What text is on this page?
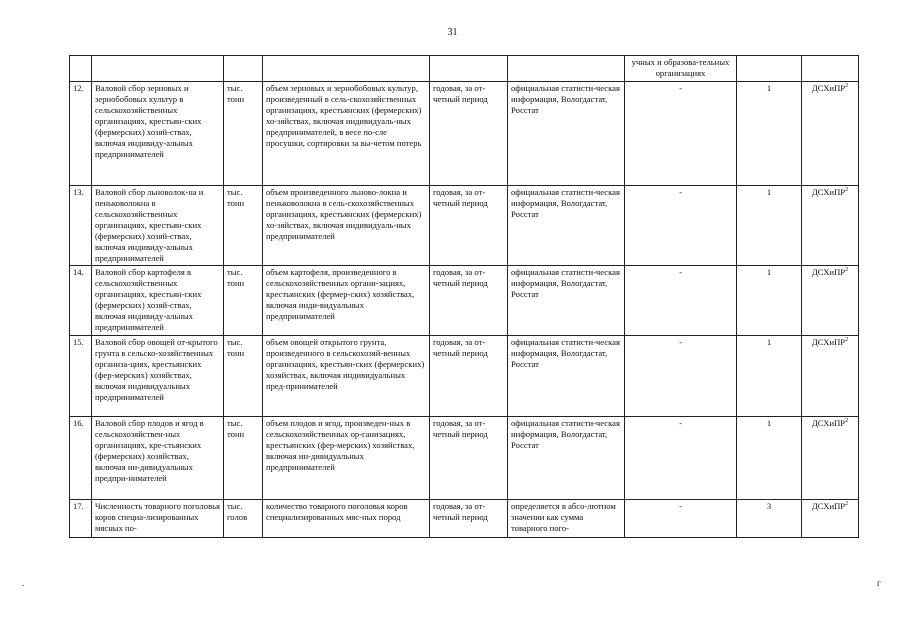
31
						учных и образова-тельных организациях		
12.	Валовой сбор зерновых и зернобобовых культур в сельскохозяйственных организациях, крестьян-ских (фермерских) хозяй-ствах, включая индивиду-альных предпринимателей	тыс. тонн	объем зерновых и зернобобовых культур, произведенный в сель-скохозяйственных организациях, крестьянских (фермерских) хо-зяйствах, включая индивидуаль-ных предпринимателей, в весе по-сле просушки, сортировки за вы-четом потерь	годовая, за от-четный период	официальная статисти-ческая информация, Вологдастат, Росстат	-	1	ДСХиПР$^2$
13.	Валовой сбор льноволок-на и пеньковолокна в сельскохозяйственных организациях, крестьян-ских (фермерских) хозяй-ствах, включая индивиду-альных предпринимателей	тыс. тонн	объем произведенного льново-локна и пеньковолокна в сель-скохозяйственных организациях, крестьянских (фермерских) хо-зяйствах, включая индивидуаль-ных предпринимателей	годовая, за от-четный период	официальная статисти-ческая информация, Вологдастат, Росстат	-	1	ДСХиПР$^2$
14.	Валовой сбор картофеля в сельскохозяйственных организациях, крестьян-ских (фермерских) хозяй-ствах, включая индивиду-альных предпринимателей	тыс. тонн	объем картофеля, произведенного в сельскохозяйственных органи-зациях, крестьянских (фермер-ских) хозяйствах, включая инди-видуальных предпринимателей	годовая, за от-четный период	официальная статисти-ческая информация, Вологдастат, Росстат	-	1	ДСХиПР$^2$
15.	Валовой сбор овощей от-крытого грунта в сельско-хозяйственных организа-циях, крестьянских (фер-мерских) хозяйствах, включая индивидуальных предпринимателей	тыс. тонн	объем овощей открытого грунта, произведенного в сельскохозяй-венных организациях, крестьян-ских (фермерских) хозяйствах, включая индивидуальных пред-принимателей	годовая, за от-четный период	официальная статисти-ческая информация, Вологдастат, Росстат	-	1	ДСХиПР$^2$
16.	Валовой сбор плодов и ягод в сельскохозяйствен-ных организациях, кре-стьянских (фермерских) хозяйствах, включая ин-дивидуальных предпри-нимателей	тыс. тонн	объем плодов и ягод, произведен-ных в сельскохозяйственных ор-ганизациях, крестьянских (фер-мерских) хозяйствах, включая ин-дивидуальных предпринимателей	годовая, за от-четный период	официальная статисти-ческая информация, Вологдастат, Росстат	-	1	ДСХиПР$^2$
17.	Численность товарного поголовья коров специа-лизированных мясных по-	тыс. голов	количество товарного поголовья коров специализированных мяс-ных пород	годовая, за от-четный период	определяется в абсо-лютном значении как сумма товарного пого-	-	3	ДСХиПР$^2$
г
.
